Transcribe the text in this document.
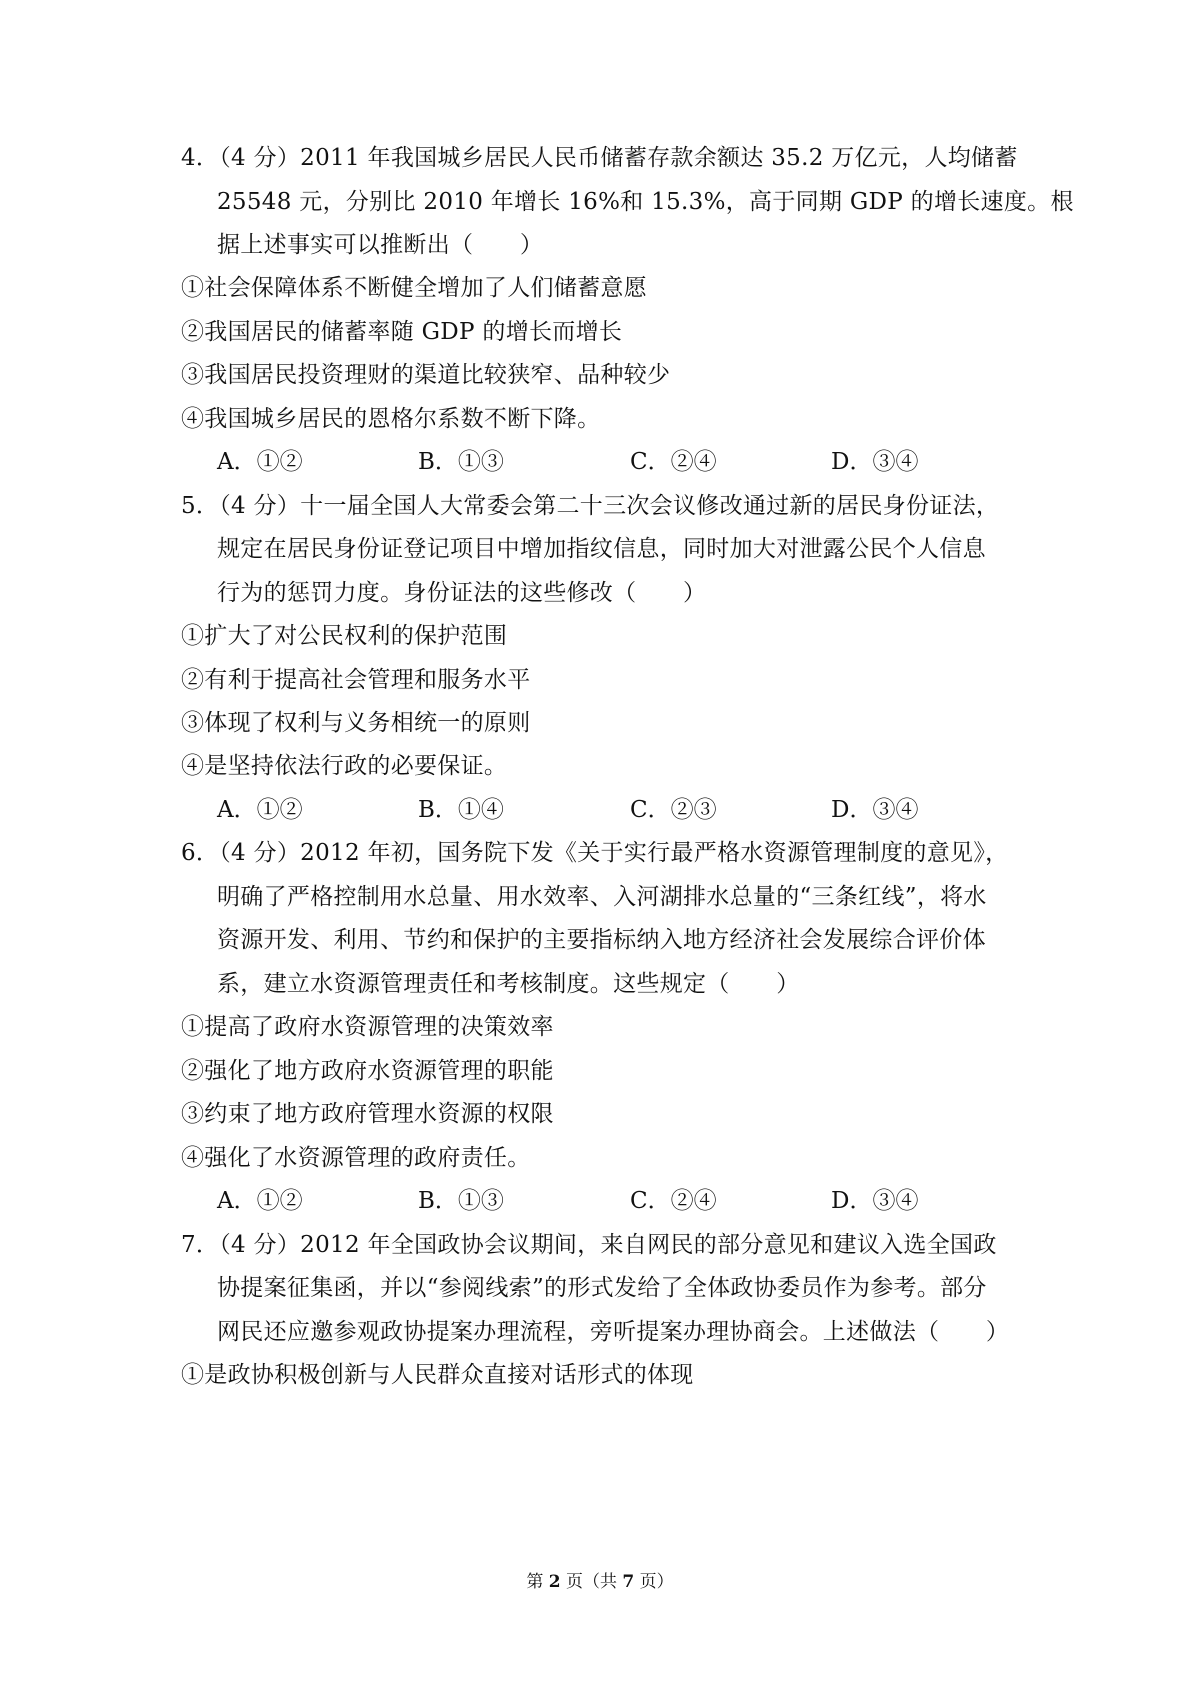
4．（4 分）2011 年我国城乡居民人民币储蓄存款余额达 35.2 万亿元，人均储蓄
25548 元，分别比 2010 年增长 16%和 15.3%，高于同期 GDP 的增长速度。根
据上述事实可以推断出（　　）
①社会保障体系不断健全增加了人们储蓄意愿
②我国居民的储蓄率随 GDP 的增长而增长
③我国居民投资理财的渠道比较狭窄、品种较少
④我国城乡居民的恩格尔系数不断下降。
A．①②	B．①③	C．②④	D．③④
5．（4 分）十一届全国人大常委会第二十三次会议修改通过新的居民身份证法，
规定在居民身份证登记项目中增加指纹信息，同时加大对泄露公民个人信息
行为的惩罚力度。身份证法的这些修改（　　）
①扩大了对公民权利的保护范围
②有利于提高社会管理和服务水平
③体现了权利与义务相统一的原则
④是坚持依法行政的必要保证。
A．①②	B．①④	C．②③	D．③④
6．（4 分）2012 年初，国务院下发《关于实行最严格水资源管理制度的意见》，
明确了严格控制用水总量、用水效率、入河湖排水总量的“三条红线”，将水
资源开发、利用、节约和保护的主要指标纳入地方经济社会发展综合评价体
系，建立水资源管理责任和考核制度。这些规定（　　）
①提高了政府水资源管理的决策效率
②强化了地方政府水资源管理的职能
③约束了地方政府管理水资源的权限
④强化了水资源管理的政府责任。
A．①②	B．①③	C．②④	D．③④
7．（4 分）2012 年全国政协会议期间，来自网民的部分意见和建议入选全国政
协提案征集函，并以“参阅线索”的形式发给了全体政协委员作为参考。部分
网民还应邀参观政协提案办理流程，旁听提案办理协商会。上述做法（　　）
①是政协积极创新与人民群众直接对话形式的体现
第 2 页（共 7 页）
